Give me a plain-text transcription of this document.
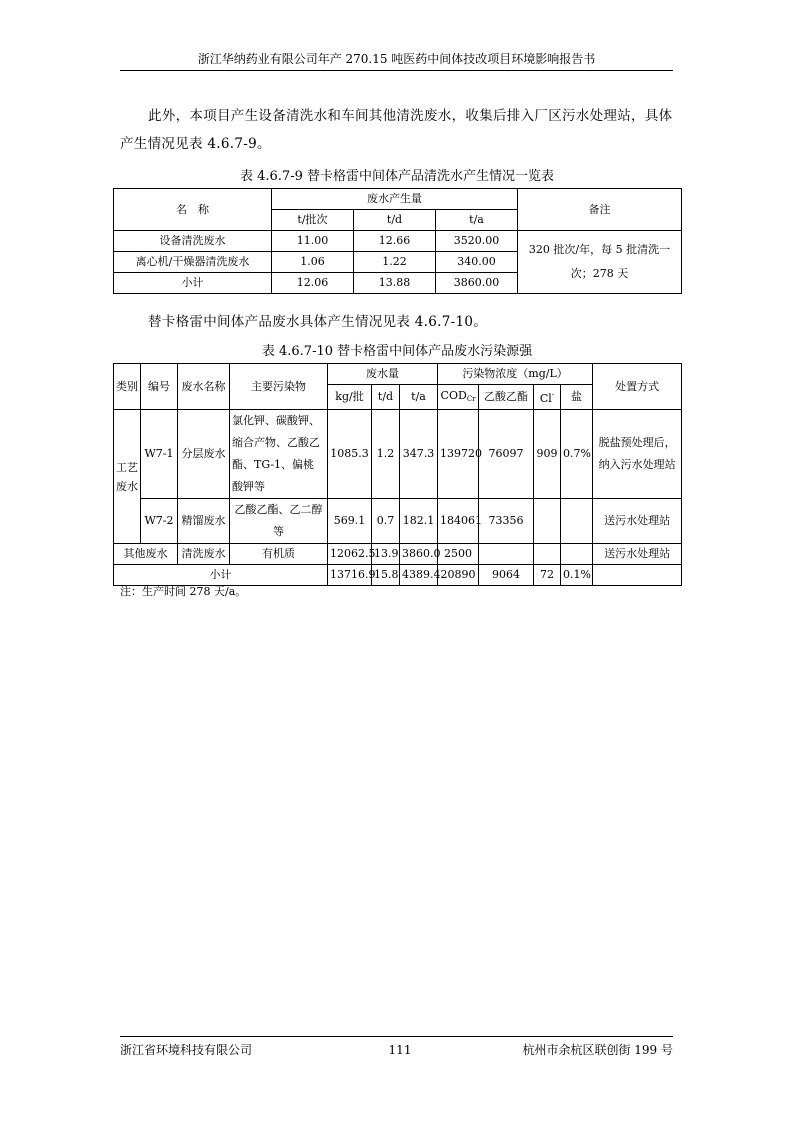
浙江华纳药业有限公司年产 270.15 吨医药中间体技改项目环境影响报告书
此外，本项目产生设备清洗水和车间其他清洗废水，收集后排入厂区污水处理站，具体
产生情况见表 4.6.7-9。
表 4.6.7-9 替卡格雷中间体产品清洗水产生情况一览表
名　称	废水产生量			备注
	t/批次	t/d	t/a	
设备清洗废水	11.00	12.66	3520.00	320 批次/年，每 5 批清洗一次；278 天
离心机/干燥器清洗废水	1.06	1.22	340.00	
小计	12.06	13.88	3860.00	
替卡格雷中间体产品废水具体产生情况见表 4.6.7-10。
表 4.6.7-10 替卡格雷中间体产品废水污染源强
类别	编号	废水名称	主要污染物	废水量			污染物浓度（mg/L）				处置方式
				kg/批	t/d	t/a	$COD_{Cr}$	乙酸乙酯	Cl-	盐	
工艺废水	W7-1	分层废水	氯化钾、碳酸钾、缩合产物、乙酸乙酯、TG-1、偏桃酸钾等	1085.3	1.2	347.3	139720	76097	909	0.7%	脱盐预处理后，纳入污水处理站
	W7-2	精馏废水	乙酸乙酯、乙二醇等	569.1	0.7	182.1	184061	73356			送污水处理站
其他废水		清洗废水	有机质	12062.5	13.9	3860.0	2500				送污水处理站
小计				13716.9	15.8	4389.4	20890	9064	72	0.1%	
注：生产时间 278 天/a。
浙江省环境科技有限公司	111	杭州市余杭区联创街 199 号
